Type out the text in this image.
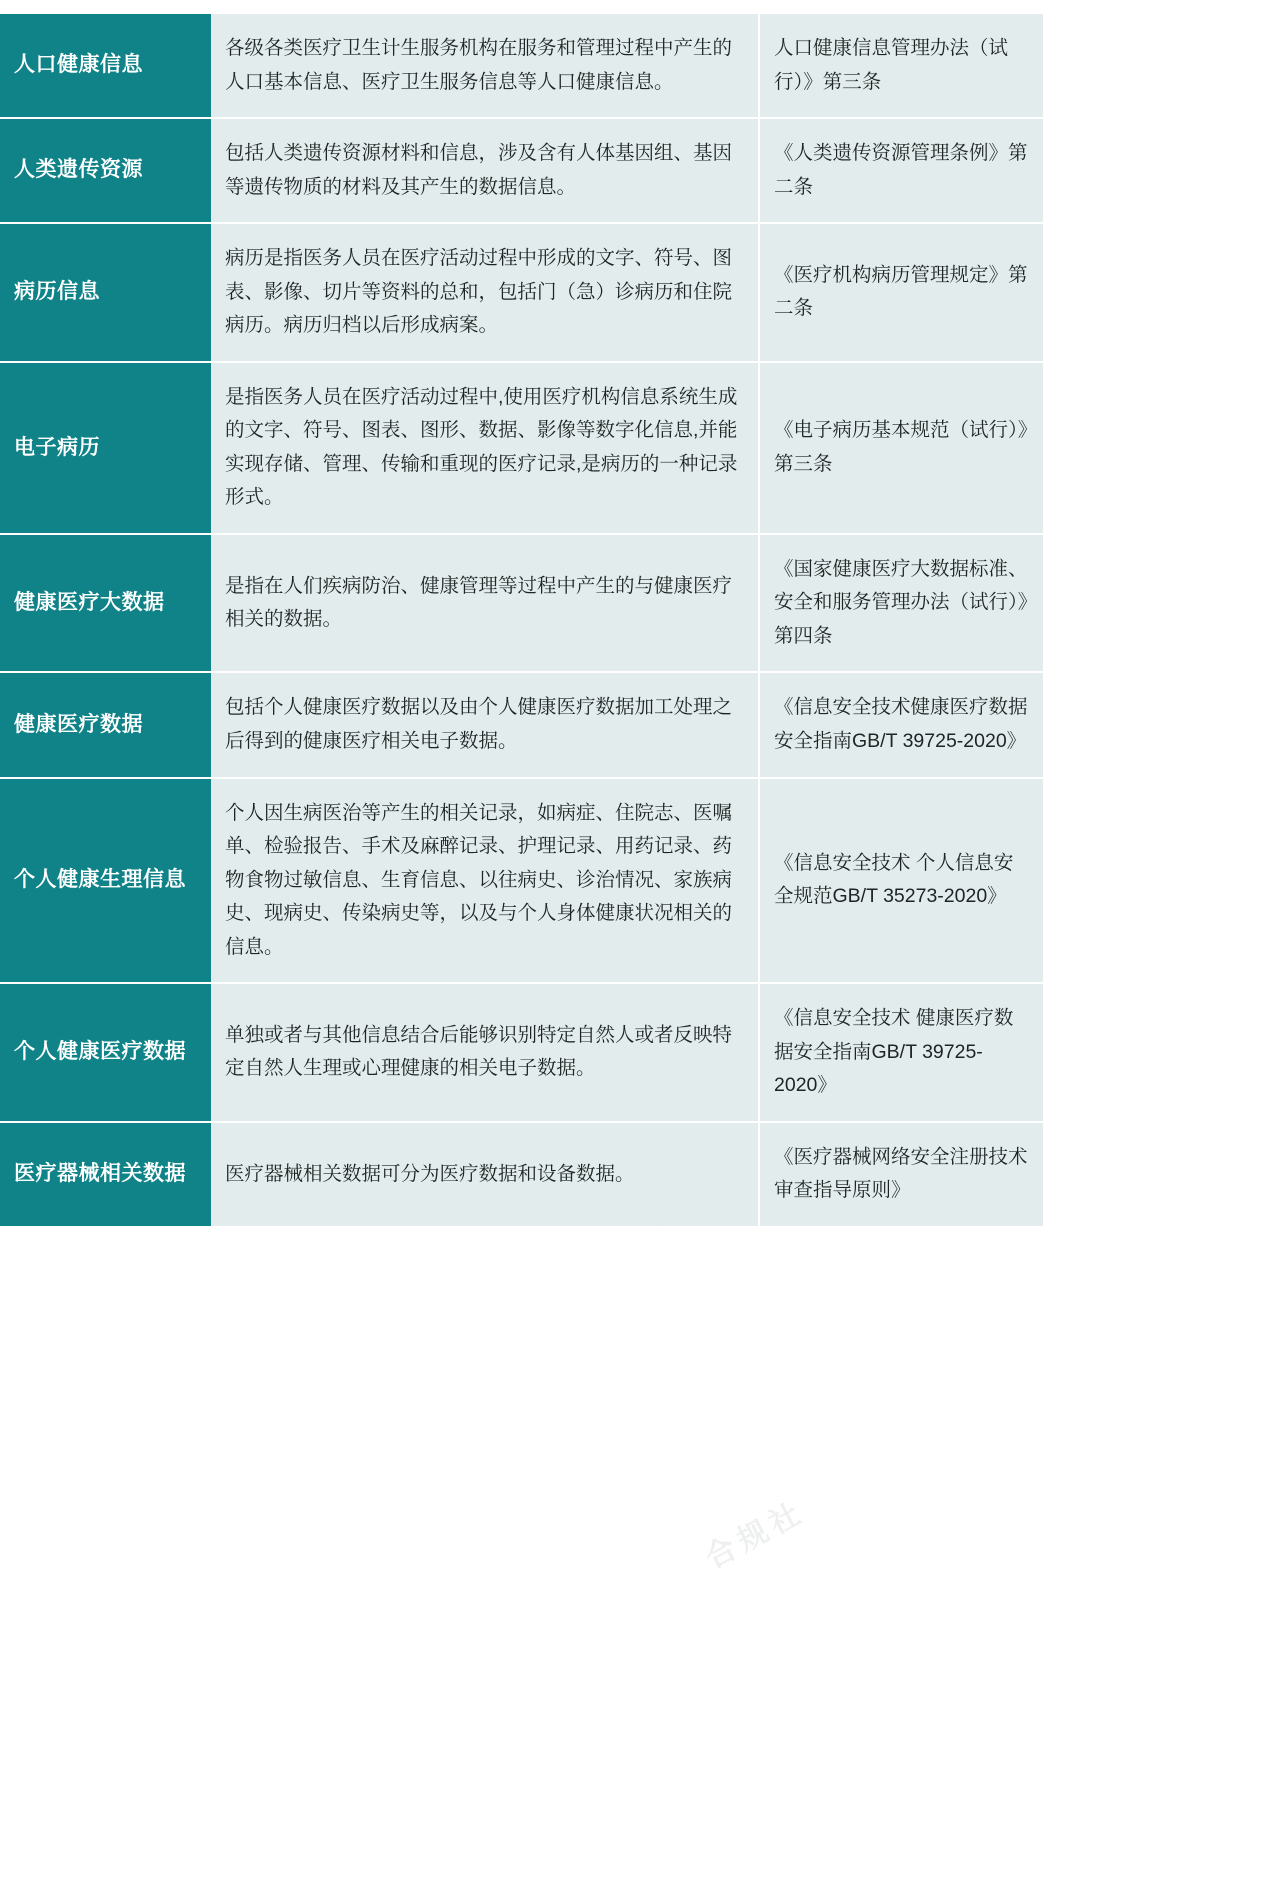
合规社
人口健康信息	各级各类医疗卫生计生服务机构在服务和管理过程中产生的人口基本信息、医疗卫生服务信息等人口健康信息。	人口健康信息管理办法（试行）》第三条
人类遗传资源	包括人类遗传资源材料和信息，涉及含有人体基因组、基因等遗传物质的材料及其产生的数据信息。	《人类遗传资源管理条例》第二条
病历信息	病历是指医务人员在医疗活动过程中形成的文字、符号、图表、影像、切片等资料的总和，包括门（急）诊病历和住院病历。病历归档以后形成病案。	《医疗机构病历管理规定》第二条
电子病历	是指医务人员在医疗活动过程中,使用医疗机构信息系统生成的文字、符号、图表、图形、数据、影像等数字化信息,并能实现存储、管理、传输和重现的医疗记录,是病历的一种记录形式。	《电子病历基本规范（试行）》第三条
健康医疗大数据	是指在人们疾病防治、健康管理等过程中产生的与健康医疗相关的数据。	《国家健康医疗大数据标准、安全和服务管理办法（试行）》第四条
健康医疗数据	包括个人健康医疗数据以及由个人健康医疗数据加工处理之后得到的健康医疗相关电子数据。	《信息安全技术健康医疗数据安全指南GB/T 39725-2020》
个人健康生理信息	个人因生病医治等产生的相关记录，如病症、住院志、医嘱单、检验报告、手术及麻醉记录、护理记录、用药记录、药物食物过敏信息、生育信息、以往病史、诊治情况、家族病史、现病史、传染病史等，以及与个人身体健康状况相关的信息。	《信息安全技术 个人信息安全规范GB/T 35273-2020》
个人健康医疗数据	单独或者与其他信息结合后能够识别特定自然人或者反映特定自然人生理或心理健康的相关电子数据。	《信息安全技术 健康医疗数据安全指南GB/T 39725-2020》
医疗器械相关数据	医疗器械相关数据可分为医疗数据和设备数据。	《医疗器械网络安全注册技术审查指导原则》
